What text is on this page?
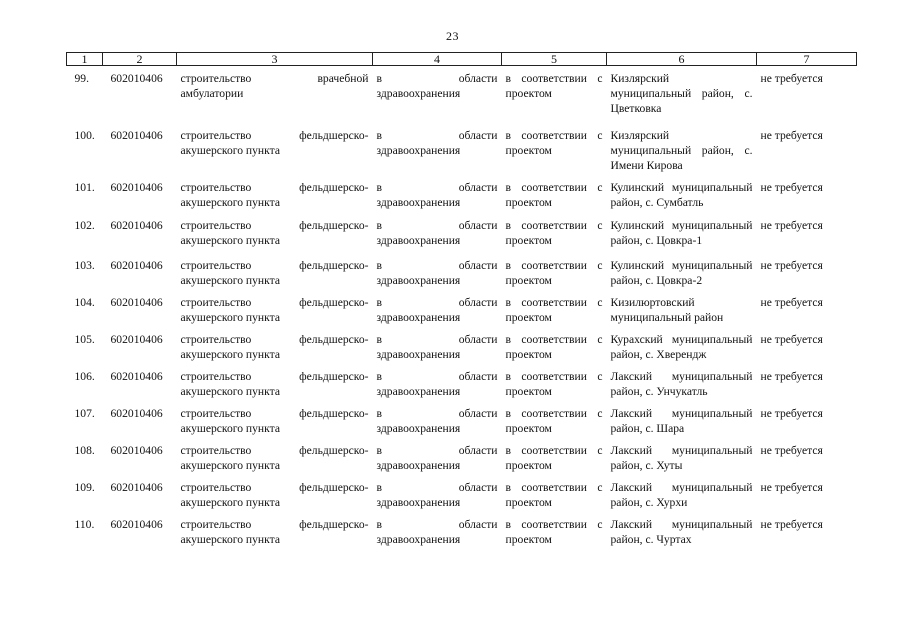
23
1	2	3	4	5	6	7
99.	602010406	строительство врачебной амбулатории	в области здравоохранения	в соответствии с проектом	Кизлярский муниципальный район, с. Цветковка	не требуется
100.	602010406	строительство фельдшерско-акушерского пункта	в области здравоохранения	в соответствии с проектом	Кизлярский муниципальный район, с. Имени Кирова	не требуется
101.	602010406	строительство фельдшерско-акушерского пункта	в области здравоохранения	в соответствии с проектом	Кулинский муниципальный район, с. Сумбатль	не требуется
102.	602010406	строительство фельдшерско-акушерского пункта	в области здравоохранения	в соответствии с проектом	Кулинский муниципальный район, с. Цовкра-1	не требуется
103.	602010406	строительство фельдшерско-акушерского пункта	в области здравоохранения	в соответствии с проектом	Кулинский муниципальный район, с. Цовкра-2	не требуется
104.	602010406	строительство фельдшерско-акушерского пункта	в области здравоохранения	в соответствии с проектом	Кизилюртовский муниципальный район	не требуется
105.	602010406	строительство фельдшерско-акушерского пункта	в области здравоохранения	в соответствии с проектом	Курахский муниципальный район, с. Хверендж	не требуется
106.	602010406	строительство фельдшерско-акушерского пункта	в области здравоохранения	в соответствии с проектом	Лакский муниципальный район, с. Унчукатль	не требуется
107.	602010406	строительство фельдшерско-акушерского пункта	в области здравоохранения	в соответствии с проектом	Лакский муниципальный район, с. Шара	не требуется
108.	602010406	строительство фельдшерско-акушерского пункта	в области здравоохранения	в соответствии с проектом	Лакский муниципальный район, с. Хуты	не требуется
109.	602010406	строительство фельдшерско-акушерского пункта	в области здравоохранения	в соответствии с проектом	Лакский муниципальный район, с. Хурхи	не требуется
110.	602010406	строительство фельдшерско-акушерского пункта	в области здравоохранения	в соответствии с проектом	Лакский муниципальный район, с. Чуртах	не требуется
